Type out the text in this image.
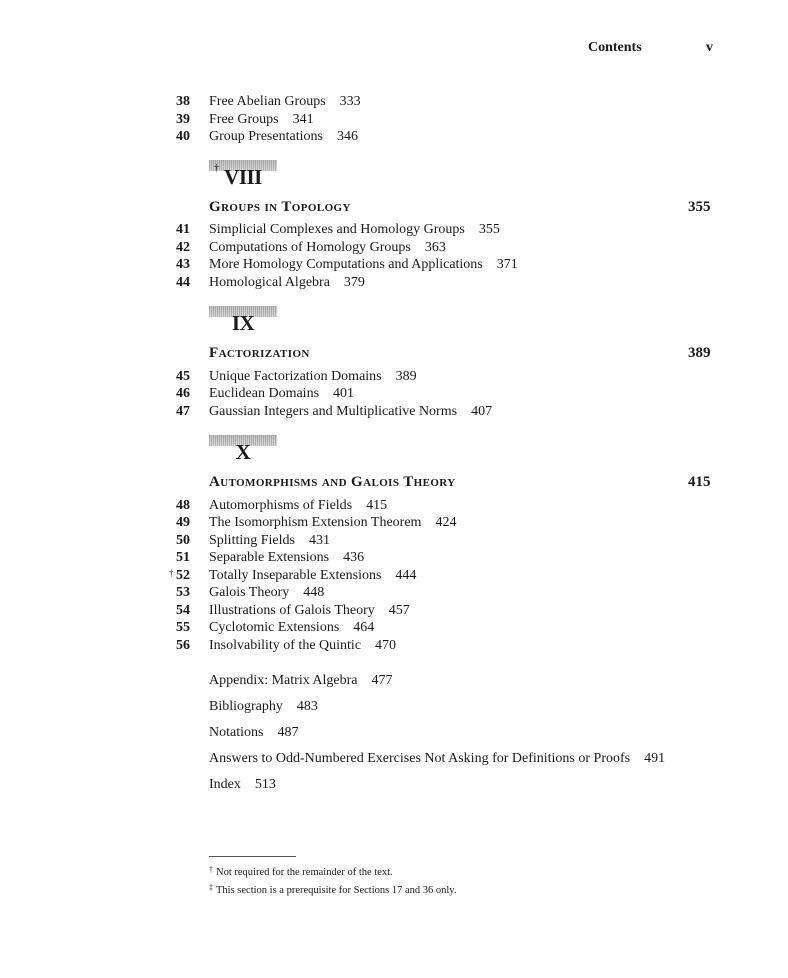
Contents	v
38	Free Abelian Groups 333
39	Free Groups 341
40	Group Presentations 346
† VIII
Groups in Topology	355
41	Simplicial Complexes and Homology Groups 355
42	Computations of Homology Groups 363
43	More Homology Computations and Applications 371
44	Homological Algebra 379
IX
Factorization	389
45	Unique Factorization Domains 389
46	Euclidean Domains 401
47	Gaussian Integers and Multiplicative Norms 407
X
Automorphisms and Galois Theory	415
48	Automorphisms of Fields 415
49	The Isomorphism Extension Theorem 424
50	Splitting Fields 431
51	Separable Extensions 436
† 52	Totally Inseparable Extensions 444
53	Galois Theory 448
54	Illustrations of Galois Theory 457
55	Cyclotomic Extensions 464
56	Insolvability of the Quintic 470
Appendix: Matrix Algebra 477
Bibliography 483
Notations 487
Answers to Odd-Numbered Exercises Not Asking for Definitions or Proofs 491
Index 513
† Not required for the remainder of the text.
‡ This section is a prerequisite for Sections 17 and 36 only.
